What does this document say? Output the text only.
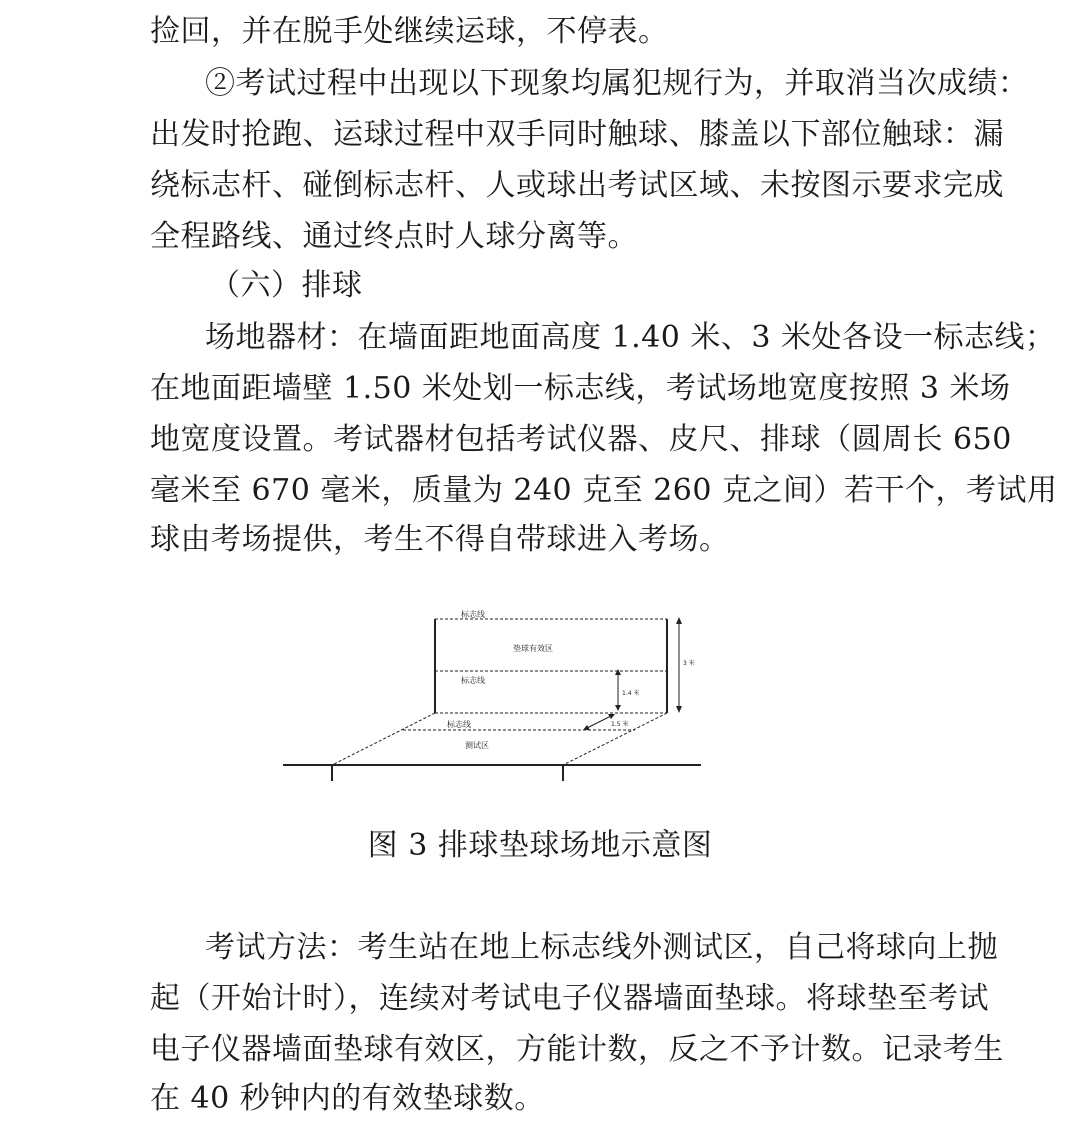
捡回，并在脱手处继续运球，不停表。
②考试过程中出现以下现象均属犯规行为，并取消当次成绩：
出发时抢跑、运球过程中双手同时触球、膝盖以下部位触球：漏
绕标志杆、碰倒标志杆、人或球出考试区域、未按图示要求完成
全程路线、通过终点时人球分离等。
（六）排球
场地器材：在墙面距地面高度 1.40 米、3 米处各设一标志线；
在地面距墙壁 1.50 米处划一标志线，考试场地宽度按照 3 米场
地宽度设置。考试器材包括考试仪器、皮尺、排球（圆周长 650
毫米至 670 毫米，质量为 240 克至 260 克之间）若干个，考试用
球由考场提供，考生不得自带球进入考场。
标志线
垫球有效区
标志线
1.4 米
3 米
标志线	1.5 米
测试区
图 3 排球垫球场地示意图
考试方法：考生站在地上标志线外测试区，自己将球向上抛
起（开始计时），连续对考试电子仪器墙面垫球。将球垫至考试
电子仪器墙面垫球有效区，方能计数，反之不予计数。记录考生
在 40 秒钟内的有效垫球数。
